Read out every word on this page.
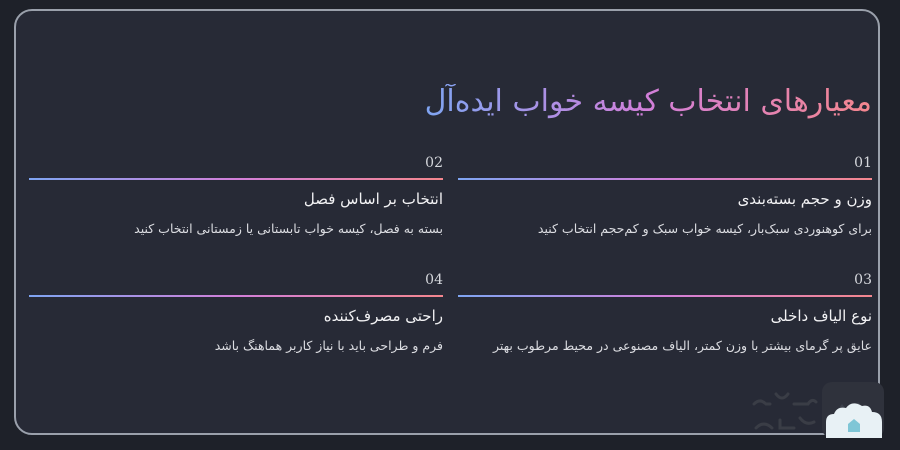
معیارهای انتخاب کیسه خواب ایده‌آل
01
وزن و حجم بسته‌بندی
برای کوهنوردی سبک‌بار، کیسه خواب سبک و کم‌حجم انتخاب کنید
02
انتخاب بر اساس فصل
بسته به فصل، کیسه خواب تابستانی یا زمستانی انتخاب کنید
03
نوع الیاف داخلی
عایق پر گرمای بیشتر با وزن کمتر، الیاف مصنوعی در محیط مرطوب بهتر
04
راحتی مصرف‌کننده
فرم و طراحی باید با نیاز کاربر هماهنگ باشد
